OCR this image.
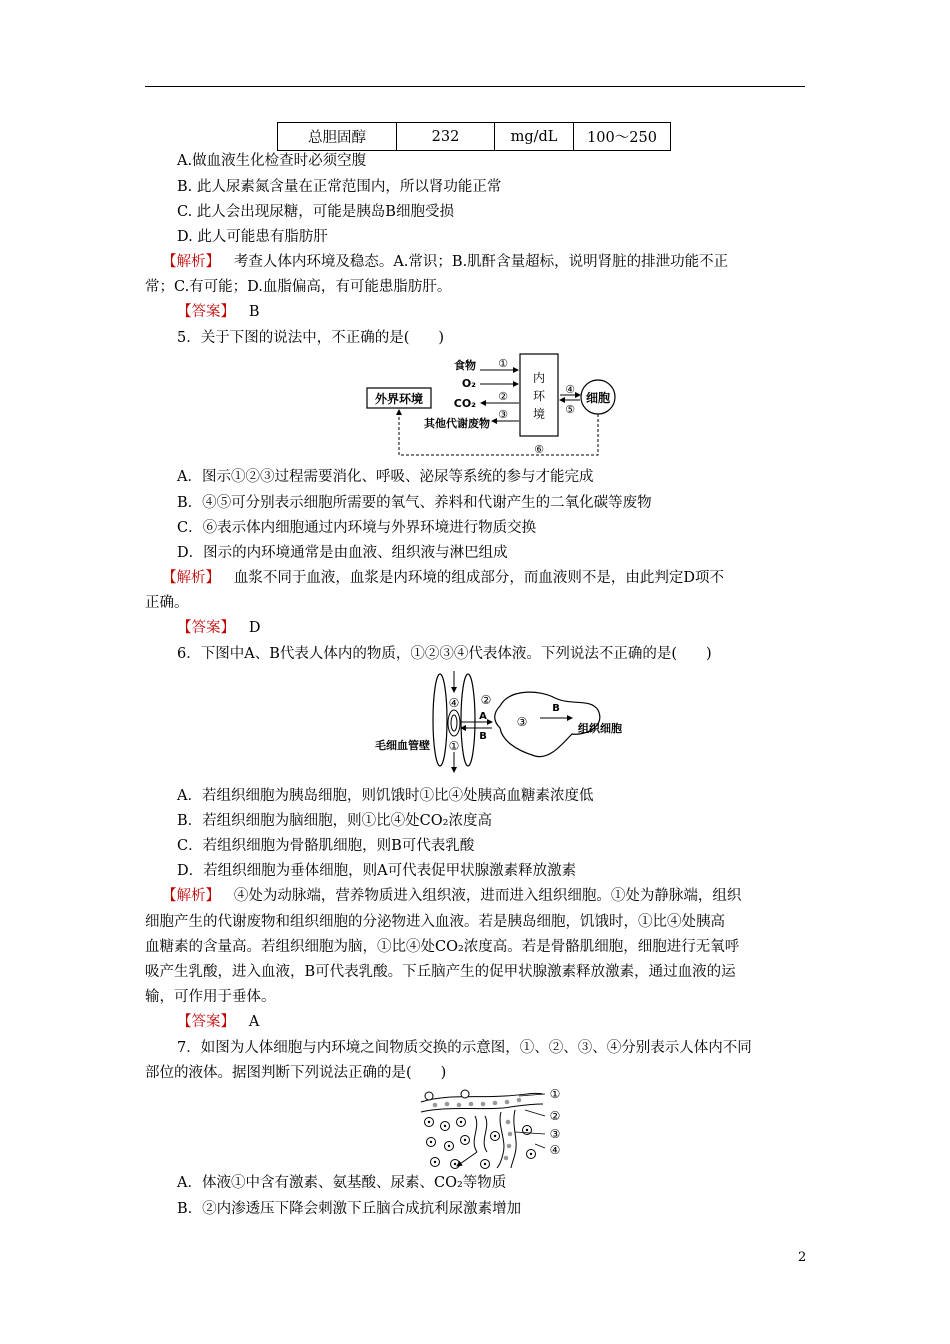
总胆固醇	232	mg/dL	100～250
A.做血液生化检查时必须空腹
B. 此人尿素氮含量在正常范围内，所以肾功能正常
C. 此人会出现尿糖，可能是胰岛B细胞受损
D. 此人可能患有脂肪肝
【解析】 考查人体内环境及稳态。A.常识；B.肌酐含量超标，说明肾脏的排泄功能不正
常；C.有可能；D.血脂偏高，有可能患脂肪肝。
【答案】 B
5．关于下图的说法中，不正确的是(　　)
内
环
境
外界环境	细胞
食物 ①
O₂
CO₂
②
③
其他代谢废物
④
⑤
⑥
A．图示①②③过程需要消化、呼吸、泌尿等系统的参与才能完成
B．④⑤可分别表示细胞所需要的氧气、养料和代谢产生的二氧化碳等废物
C．⑥表示体内细胞通过内环境与外界环境进行物质交换
D．图示的内环境通常是由血液、组织液与淋巴组成
【解析】 血浆不同于血液，血浆是内环境的组成部分，而血液则不是，由此判定D项不
正确。
【答案】 D
6．下图中A、B代表人体内的物质，①②③④代表体液。下列说法不正确的是(　　)
④
①
②
A
B
③
B
组织细胞
毛细血管壁
A．若组织细胞为胰岛细胞，则饥饿时①比④处胰高血糖素浓度低
B．若组织细胞为脑细胞，则①比④处CO₂浓度高
C．若组织细胞为骨骼肌细胞，则B可代表乳酸
D．若组织细胞为垂体细胞，则A可代表促甲状腺激素释放激素
【解析】 ④处为动脉端，营养物质进入组织液，进而进入组织细胞。①处为静脉端，组织
细胞产生的代谢废物和组织细胞的分泌物进入血液。若是胰岛细胞，饥饿时，①比④处胰高
血糖素的含量高。若组织细胞为脑，①比④处CO₂浓度高。若是骨骼肌细胞，细胞进行无氧呼
吸产生乳酸，进入血液，B可代表乳酸。下丘脑产生的促甲状腺激素释放激素，通过血液的运
输，可作用于垂体。
【答案】 A
7．如图为人体细胞与内环境之间物质交换的示意图，①、②、③、④分别表示人体内不同
部位的液体。据图判断下列说法正确的是(　　)
①
②
③
④
A．体液①中含有激素、氨基酸、尿素、CO₂等物质
B．②内渗透压下降会刺激下丘脑合成抗利尿激素增加
2
